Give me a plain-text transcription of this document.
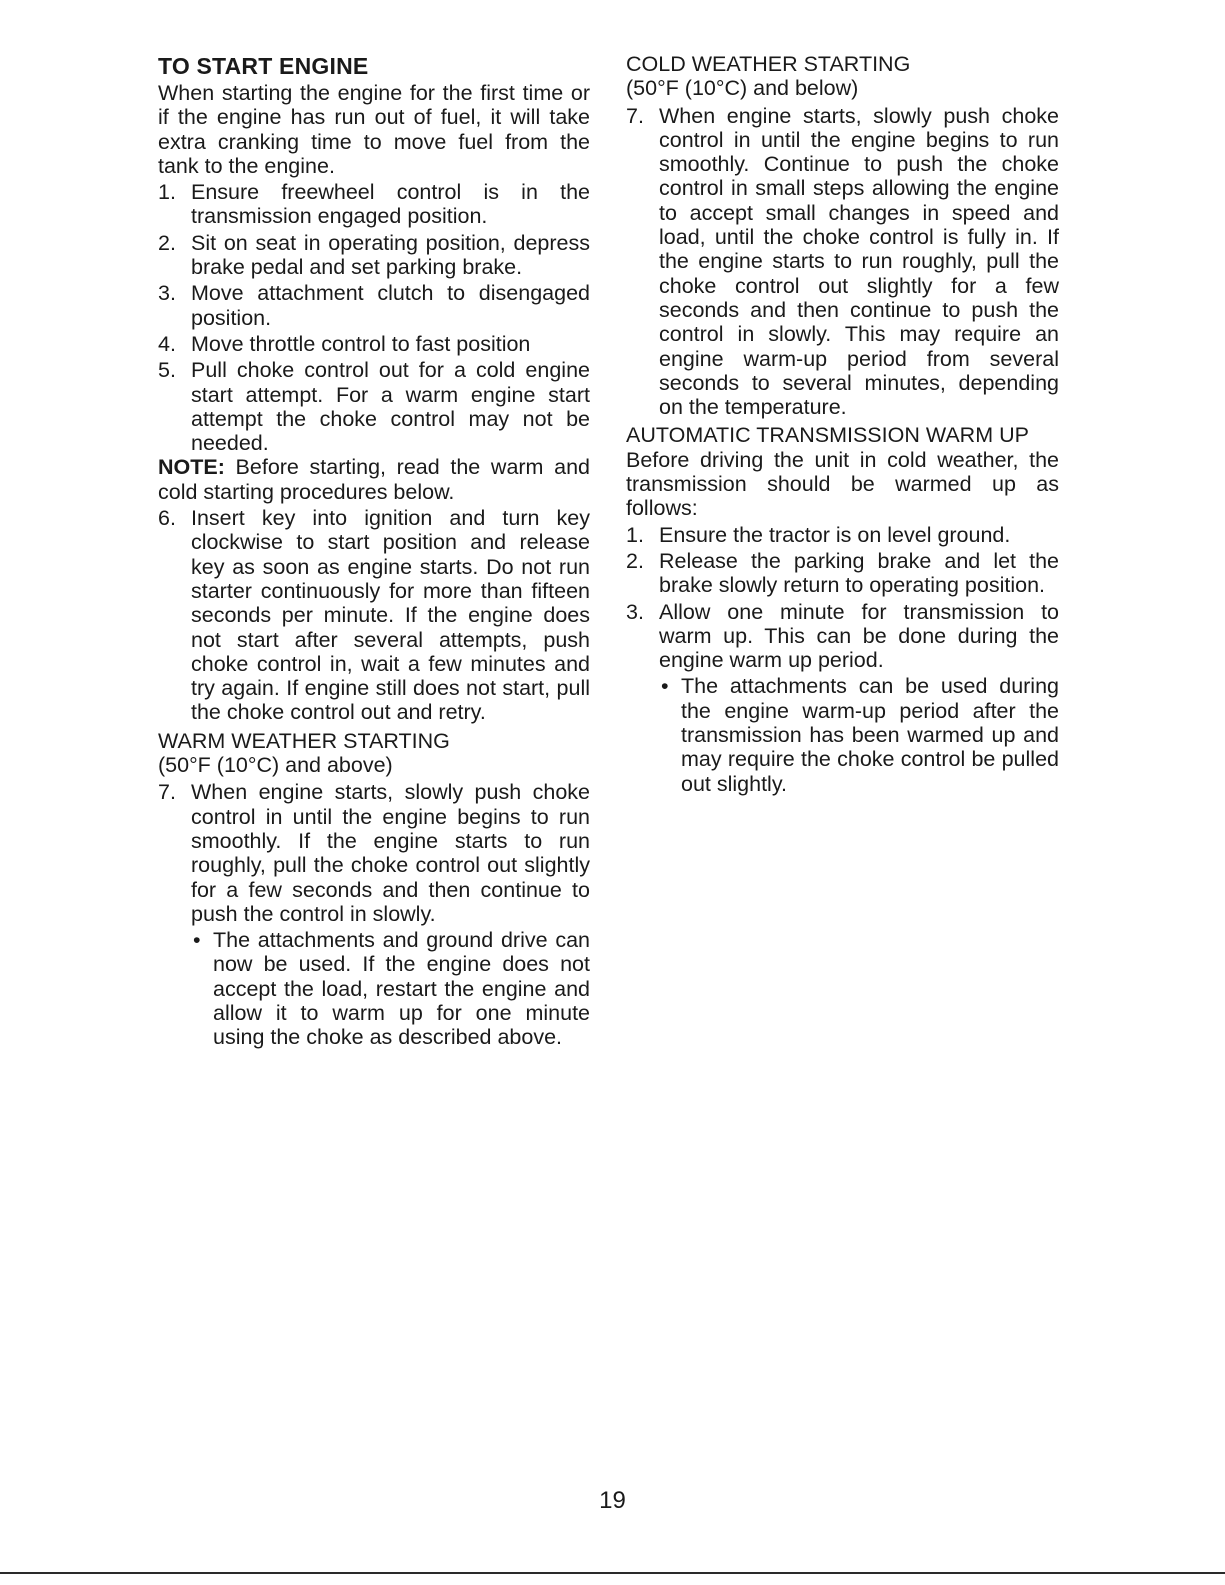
TO START ENGINE

When starting the engine for the first time or if the engine has run out of fuel, it will take extra cranking time to move fuel from the tank to the engine.

1. Ensure freewheel control is in the transmission engaged position.
2. Sit on seat in operating position, depress brake pedal and set parking brake.
3. Move attachment clutch to disengaged position.
4. Move throttle control to fast position
5. Pull choke control out for a cold engine start attempt. For a warm engine start attempt the choke control may not be needed.

NOTE: Before starting, read the warm and cold starting procedures below.

6. Insert key into ignition and turn key clockwise to start position and release key as soon as engine starts. Do not run starter continuously for more than fifteen seconds per minute. If the engine does not start after several attempts, push choke control in, wait a few minutes and try again. If engine still does not start, pull the choke control out and retry.

WARM WEATHER STARTING

(50°F (10°C) and above)

7. When engine starts, slowly push choke control in until the engine begins to run smoothly. If the engine starts to run roughly, pull the choke control out slightly for a few seconds and then continue to push the control in slowly.
• The attachments and ground drive can now be used. If the engine does not accept the load, restart the engine and allow it to warm up for one minute using the choke as described above.

COLD WEATHER STARTING

(50°F (10°C) and below)

7. When engine starts, slowly push choke control in until the engine begins to run smoothly. Continue to push the choke control in small steps allowing the engine to accept small changes in speed and load, until the choke control is fully in. If the engine starts to run roughly, pull the choke control out slightly for a few seconds and then continue to push the control in slowly. This may require an engine warm-up period from several seconds to several minutes, depending on the temperature.

AUTOMATIC TRANSMISSION WARM UP

Before driving the unit in cold weather, the transmission should be warmed up as follows:

1. Ensure the tractor is on level ground.
2. Release the parking brake and let the brake slowly return to operating position.
3. Allow one minute for transmission to warm up. This can be done during the engine warm up period.
• The attachments can be used during the engine warm-up period after the transmission has been warmed up and may require the choke control be pulled out slightly.
19
